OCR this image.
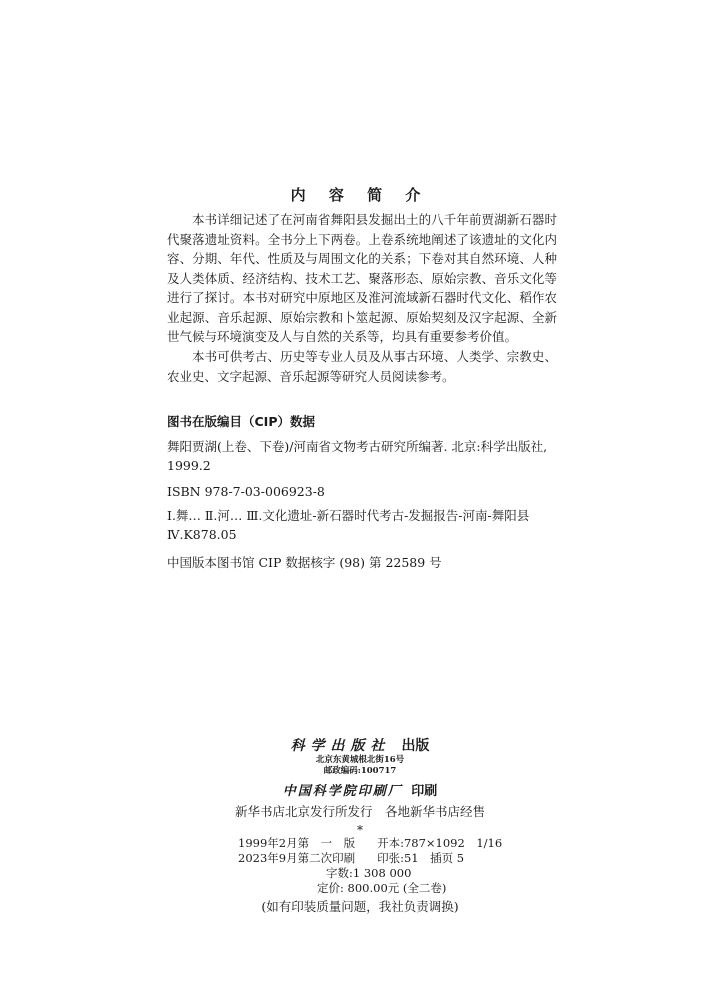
内 容 简 介
本书详细记述了在河南省舞阳县发掘出土的八千年前贾湖新石器时代聚落遗址资料。全书分上下两卷。上卷系统地阐述了该遗址的文化内容、分期、年代、性质及与周围文化的关系；下卷对其自然环境、人种及人类体质、经济结构、技术工艺、聚落形态、原始宗教、音乐文化等进行了探讨。本书对研究中原地区及淮河流域新石器时代文化、稻作农业起源、音乐起源、原始宗教和卜筮起源、原始契刻及汉字起源、全新世气候与环境演变及人与自然的关系等，均具有重要参考价值。
本书可供考古、历史等专业人员及从事古环境、人类学、宗教史、农业史、文字起源、音乐起源等研究人员阅读参考。
图书在版编目（CIP）数据
舞阳贾湖(上卷、下卷)/河南省文物考古研究所编著. 北京:科学出版社, 1999.2
ISBN 978-7-03-006923-8
Ⅰ.舞… Ⅱ.河… Ⅲ.文化遗址-新石器时代考古-发掘报告-河南-舞阳县 Ⅳ.K878.05
中国版本图书馆 CIP 数据核字 (98) 第 22589 号
科学出版社 出版
北京东黄城根北街16号
邮政编码:100717
中国科学院印刷厂 印刷
新华书店北京发行所发行　各地新华书店经售
*
1999年2月第　一　版 开本:787×1092　1/16
2023年9月第二次印刷 印张:51　插页 5
字数:1 308 000
定价: 800.00元 (全二卷)
(如有印装质量问题，我社负责调换)
